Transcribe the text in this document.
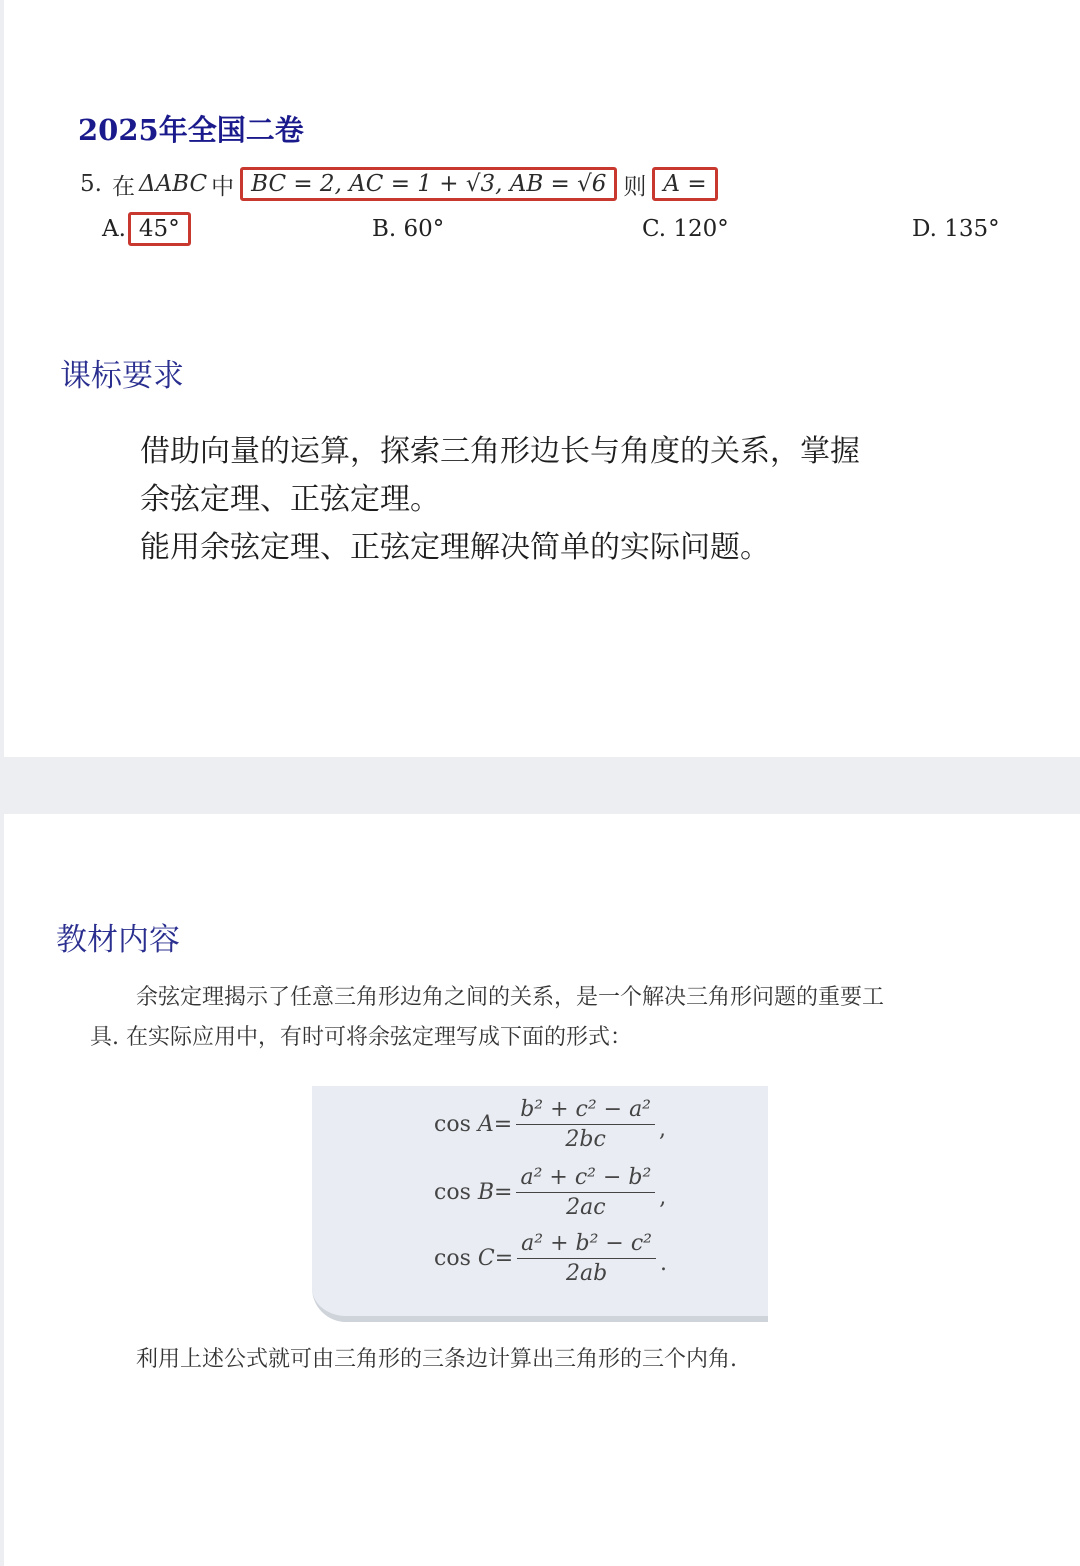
2025年全国二卷
5. 在 ΔABC 中 BC = 2, AC = 1 + √3, AB = √6 则 A =
A. 45°	B.
60°	C.
120°	D.
135°
课标要求
借助向量的运算，探索三角形边长与角度的关系，掌握
余弦定理、正弦定理。
能用余弦定理、正弦定理解决简单的实际问题。
教材内容
余弦定理揭示了任意三角形边角之间的关系，是一个解决三角形问题的重要工
具. 在实际应用中，有时可将余弦定理写成下面的形式：
$\cos A= \frac{\text{b² + c² − a²}}{2bc}$ ,
$\cos B= \frac{\text{a² + c² − b²}}{2ac}$ ,
$\cos C= \frac{\text{a² + b² − c²}}{2ab}$ .
利用上述公式就可由三角形的三条边计算出三角形的三个内角.
